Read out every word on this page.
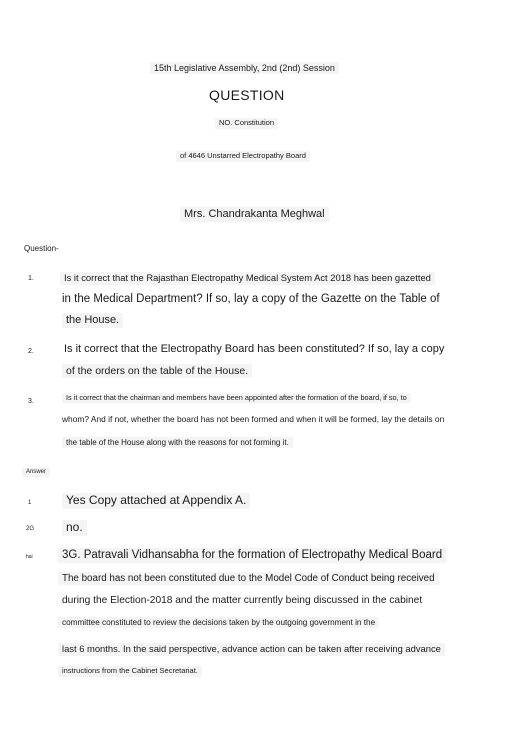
15th Legislative Assembly, 2nd (2nd) Session
QUESTION
NO. Constitution
of 4646 Unstarred Electropathy Board
Mrs. Chandrakanta Meghwal
Question-
1.	Is it correct that the Rajasthan Electropathy Medical System Act 2018 has been gazetted
in the Medical Department? If so, lay a copy of the Gazette on the Table of
the House.
2.	Is it correct that the Electropathy Board has been constituted? If so, lay a copy
of the orders on the table of the House.
3.	Is it correct that the chairman and members have been appointed after the formation of the board, if so, to
whom? And if not, whether the board has not been formed and when it will be formed, lay the details on
the table of the House along with the reasons for not forming it.
Answer
1	Yes Copy attached at Appendix A.
2G	no.
hai	3G. Patravali Vidhansabha for the formation of Electropathy Medical Board
The board has not been constituted due to the Model Code of Conduct being received
during the Election-2018 and the matter currently being discussed in the cabinet
committee constituted to review the decisions taken by the outgoing government in the
last 6 months. In the said perspective, advance action can be taken after receiving advance
instructions from the Cabinet Secretariat.
